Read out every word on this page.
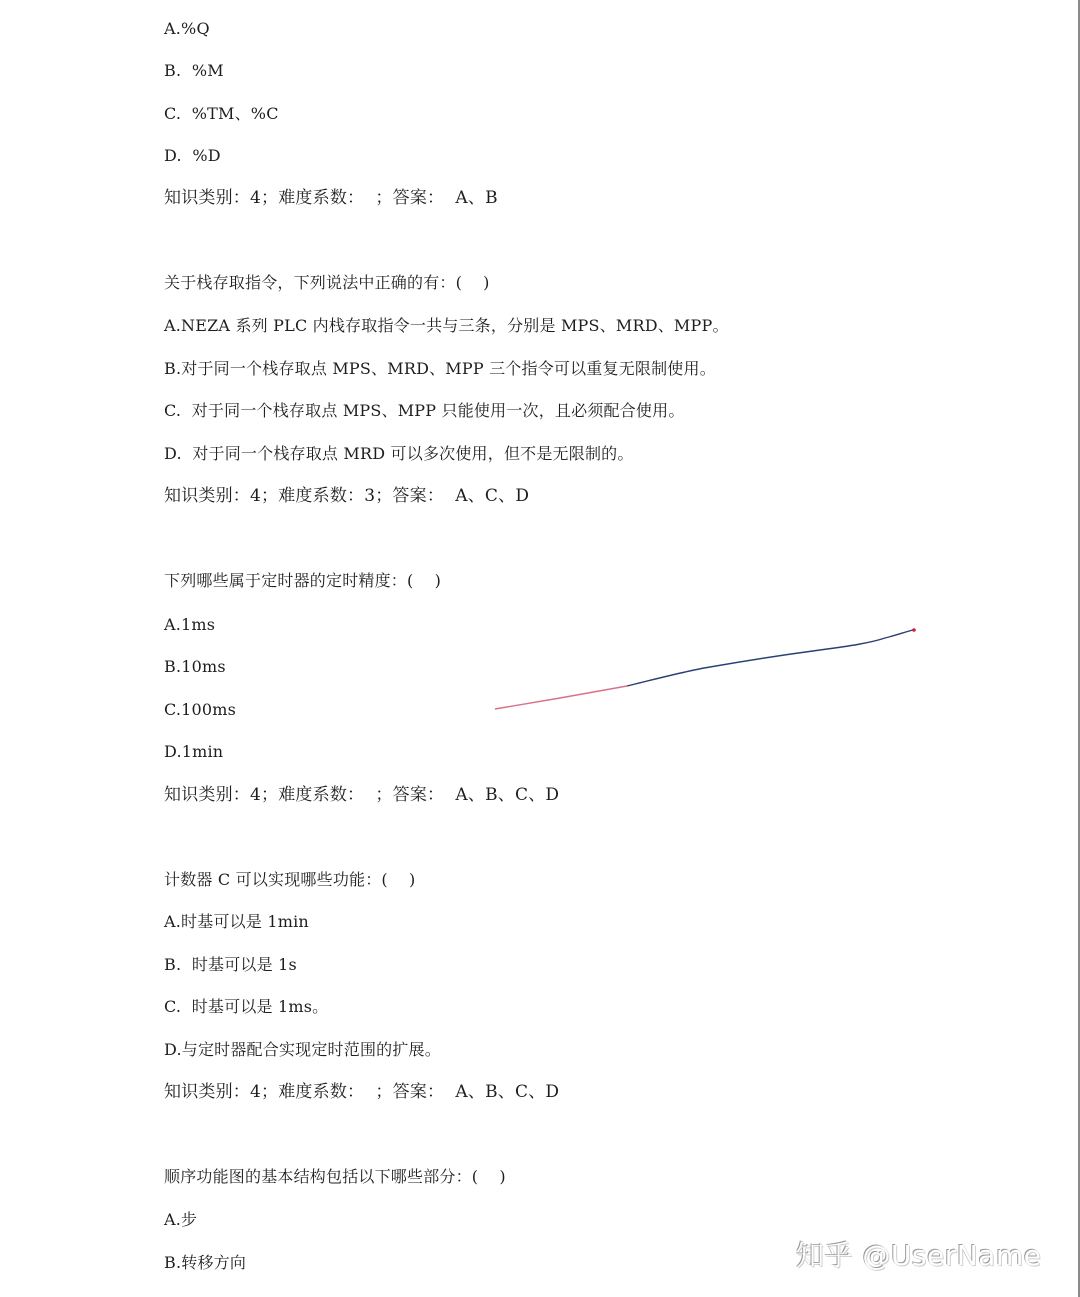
A.%Q
B.  %M
C.  %TM、%C
D.  %D
知识类别：4；难度系数：  ；答案：  A、B
关于栈存取指令，下列说法中正确的有：(    )
A.NEZA 系列 PLC 内栈存取指令一共与三条，分别是 MPS、MRD、MPP。
B.对于同一个栈存取点 MPS、MRD、MPP 三个指令可以重复无限制使用。
C.  对于同一个栈存取点 MPS、MPP 只能使用一次，且必须配合使用。
D.  对于同一个栈存取点 MRD 可以多次使用，但不是无限制的。
知识类别：4；难度系数：3；答案：  A、C、D
下列哪些属于定时器的定时精度：(    )
A.1ms
B.10ms
C.100ms
D.1min
知识类别：4；难度系数：  ；答案：  A、B、C、D
计数器 C 可以实现哪些功能：(    )
A.时基可以是 1min
B.  时基可以是 1s
C.  时基可以是 1ms。
D.与定时器配合实现定时范围的扩展。
知识类别：4；难度系数：  ；答案：  A、B、C、D
顺序功能图的基本结构包括以下哪些部分：(    )
A.步
B.转移方向	知乎 @UserName
